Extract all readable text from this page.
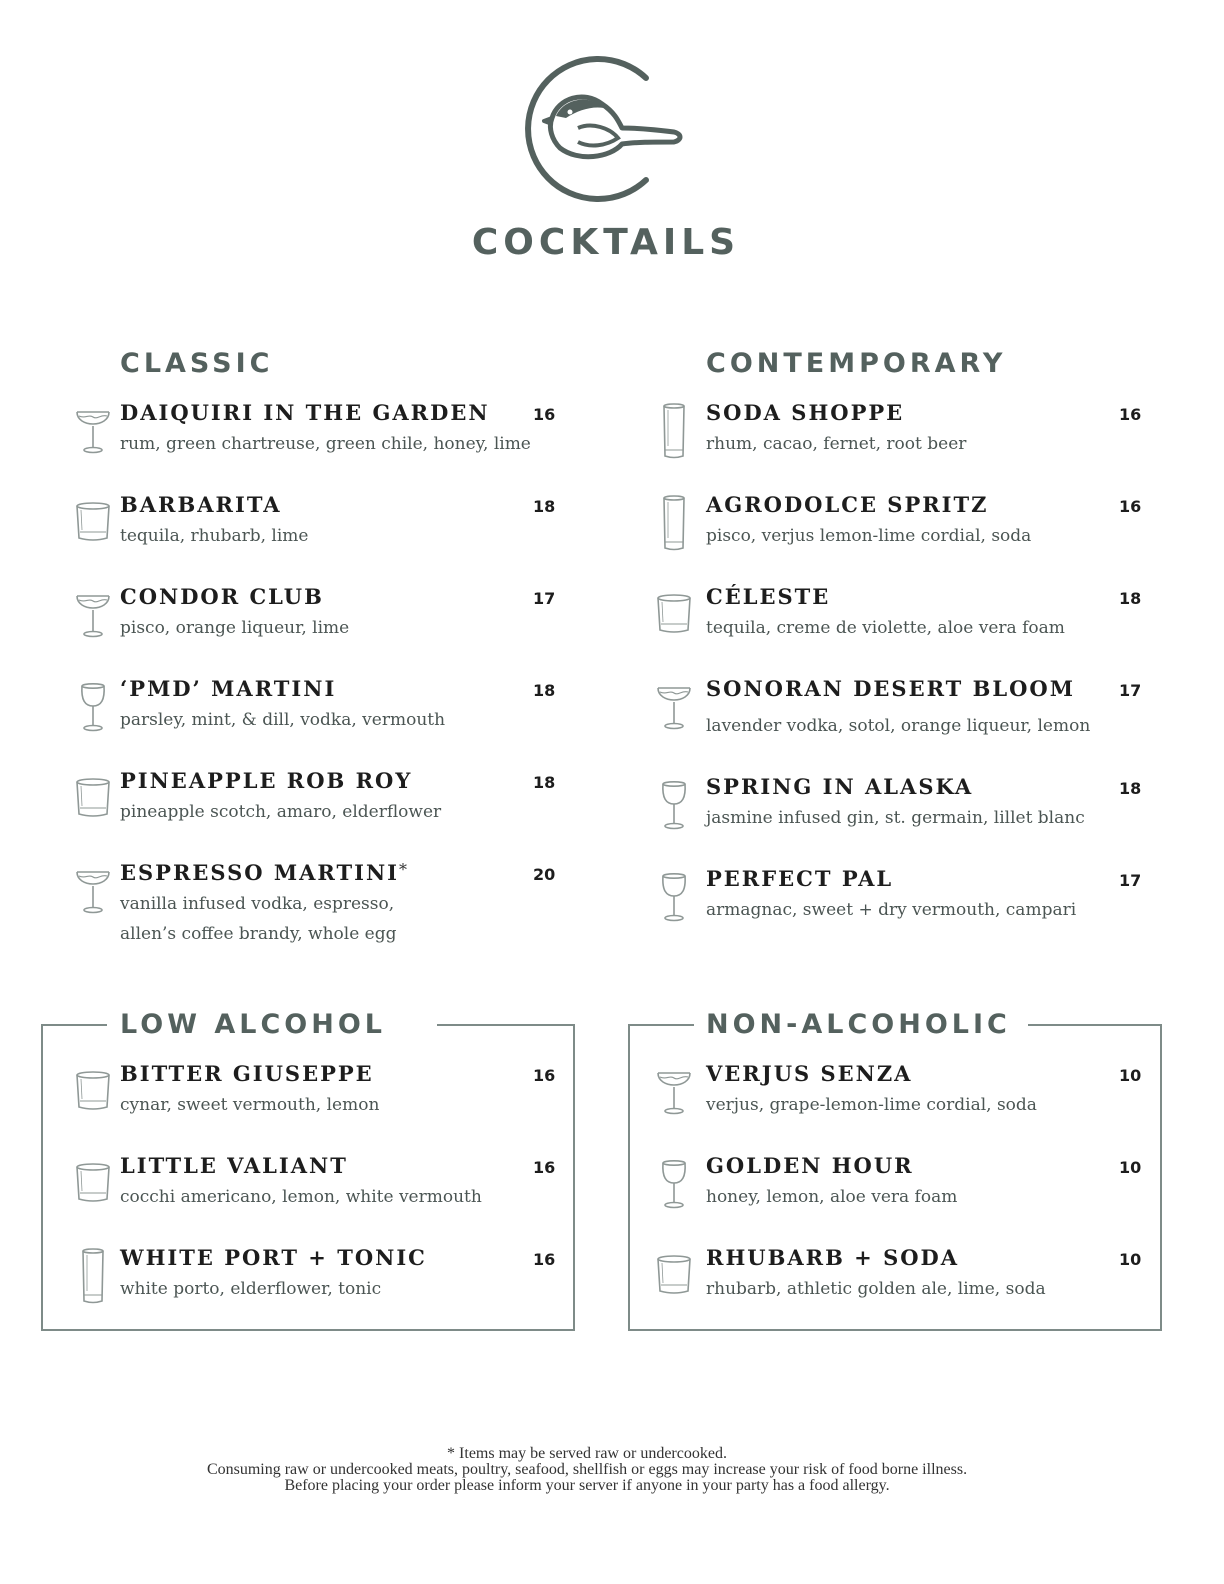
COCKTAILS
CLASSIC	CONTEMPORARY
LOW ALCOHOL	NON-ALCOHOLIC
* Items may be served raw or undercooked.
Consuming raw or undercooked meats, poultry, seafood, shellfish or eggs may increase your risk of food borne illness.
Before placing your order please inform your server if anyone in your party has a food allergy.
DAIQUIRI IN THE GARDEN
rum, green chartreuse, green chile, honey, lime
16
BARBARITA
tequila, rhubarb, lime
18
CONDOR CLUB
pisco, orange liqueur, lime
17
‘PMD’ MARTINI
parsley, mint, & dill, vodka, vermouth
18
PINEAPPLE ROB ROY
pineapple scotch, amaro, elderflower
18
ESPRESSO MARTINI*
vanilla infused vodka, espresso,
allen’s coffee brandy, whole egg
20
SODA SHOPPE
rhum, cacao, fernet, root beer
16
AGRODOLCE SPRITZ
pisco, verjus lemon-lime cordial, soda
16
CÉLESTE
tequila, creme de violette, aloe vera foam
18
SONORAN DESERT BLOOM
lavender vodka, sotol, orange liqueur, lemon
17
SPRING IN ALASKA
jasmine infused gin, st. germain, lillet blanc
18
PERFECT PAL
armagnac, sweet + dry vermouth, campari
17
BITTER GIUSEPPE
cynar, sweet vermouth, lemon
16
LITTLE VALIANT
cocchi americano, lemon, white vermouth
16
WHITE PORT + TONIC
white porto, elderflower, tonic
16
VERJUS SENZA
verjus, grape-lemon-lime cordial, soda
10
GOLDEN HOUR
honey, lemon, aloe vera foam
10
RHUBARB + SODA
rhubarb, athletic golden ale, lime, soda
10
